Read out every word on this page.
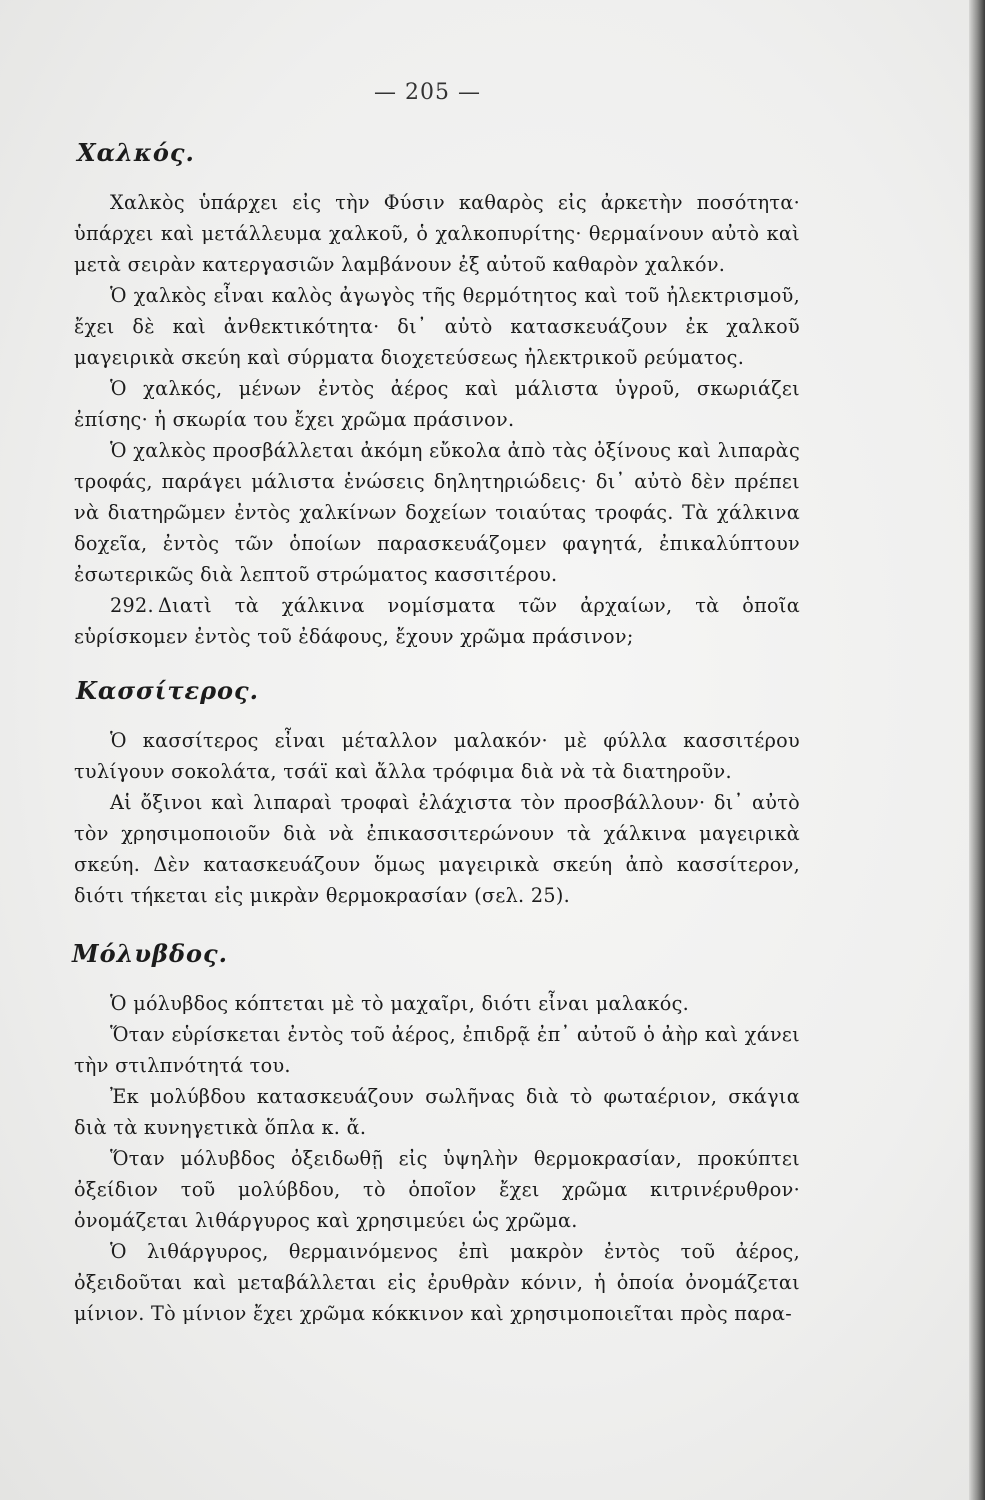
— 205 —
Χαλκός.

Χαλκὸς ὑπάρχει εἰς τὴν Φύσιν καθαρὸς εἰς ἀρκετὴν ποσότητα· ὑπάρχει καὶ μετάλλευμα χαλκοῦ, ὁ χαλκοπυρίτης· θερμαίνουν αὐτὸ καὶ μετὰ σειρὰν κατεργασιῶν λαμβάνουν ἐξ αὐτοῦ καθαρὸν χαλκόν.

Ὁ χαλκὸς εἶναι καλὸς ἀγωγὸς τῆς θερμότητος καὶ τοῦ ἠλεκτρισμοῦ, ἔχει δὲ καὶ ἀνθεκτικότητα· δι᾽ αὐτὸ κατασκευάζουν ἐκ χαλκοῦ μαγειρικὰ σκεύη καὶ σύρματα διοχετεύσεως ἠλεκτρικοῦ ρεύματος.

Ὁ χαλκός, μένων ἐντὸς ἀέρος καὶ μάλιστα ὑγροῦ, σκωριάζει ἐπίσης· ἡ σκωρία του ἔχει χρῶμα πράσινον.

Ὁ χαλκὸς προσβάλλεται ἀκόμη εὔκολα ἀπὸ τὰς ὀξίνους καὶ λιπαρὰς τροφάς, παράγει μάλιστα ἑνώσεις δηλητηριώδεις· δι᾽ αὐτὸ δὲν πρέπει νὰ διατηρῶμεν ἐντὸς χαλκίνων δοχείων τοιαύτας τροφάς. Τὰ χάλκινα δοχεῖα, ἐντὸς τῶν ὁποίων παρασκευάζομεν φαγητά, ἐπικαλύπτουν ἐσωτερικῶς διὰ λεπτοῦ στρώματος κασσιτέρου.

292. Διατὶ τὰ χάλκινα νομίσματα τῶν ἀρχαίων, τὰ ὁποῖα εὑρίσκομεν ἐντὸς τοῦ ἐδάφους, ἔχουν χρῶμα πράσινον;

Κασσίτερος.

Ὁ κασσίτερος εἶναι μέταλλον μαλακόν· μὲ φύλλα κασσιτέρου τυλίγουν σοκολάτα, τσάϊ καὶ ἄλλα τρόφιμα διὰ νὰ τὰ διατηροῦν.

Αἱ ὄξινοι καὶ λιπαραὶ τροφαὶ ἐλάχιστα τὸν προσβάλλουν· δι᾽ αὐτὸ τὸν χρησιμοποιοῦν διὰ νὰ ἐπικασσιτερώνουν τὰ χάλκινα μαγειρικὰ σκεύη. Δὲν κατασκευάζουν ὅμως μαγειρικὰ σκεύη ἀπὸ κασσίτερον, διότι τήκεται εἰς μικρὰν θερμοκρασίαν (σελ. 25).

Μόλυβδος.

Ὁ μόλυβδος κόπτεται μὲ τὸ μαχαῖρι, διότι εἶναι μαλακός.

Ὅταν εὑρίσκεται ἐντὸς τοῦ ἀέρος, ἐπιδρᾷ ἐπ᾽ αὐτοῦ ὁ ἀὴρ καὶ χάνει τὴν στιλπνότητά του.

Ἐκ μολύβδου κατασκευάζουν σωλῆνας διὰ τὸ φωταέριον, σκάγια διὰ τὰ κυνηγετικὰ ὅπλα κ. ἄ.

Ὅταν μόλυβδος ὀξειδωθῇ εἰς ὑψηλὴν θερμοκρασίαν, προκύπτει ὀξείδιον τοῦ μολύβδου, τὸ ὁποῖον ἔχει χρῶμα κιτρινέρυθρον· ὀνομάζεται λιθάργυρος καὶ χρησιμεύει ὡς χρῶμα.

Ὁ λιθάργυρος, θερμαινόμενος ἐπὶ μακρὸν ἐντὸς τοῦ ἀέρος, ὀξειδοῦται καὶ μεταβάλλεται εἰς ἐρυθρὰν κόνιν, ἡ ὁποία ὀνομάζεται μίνιον. Τὸ μίνιον ἔχει χρῶμα κόκκινον καὶ χρησιμοποιεῖται πρὸς παρα-
